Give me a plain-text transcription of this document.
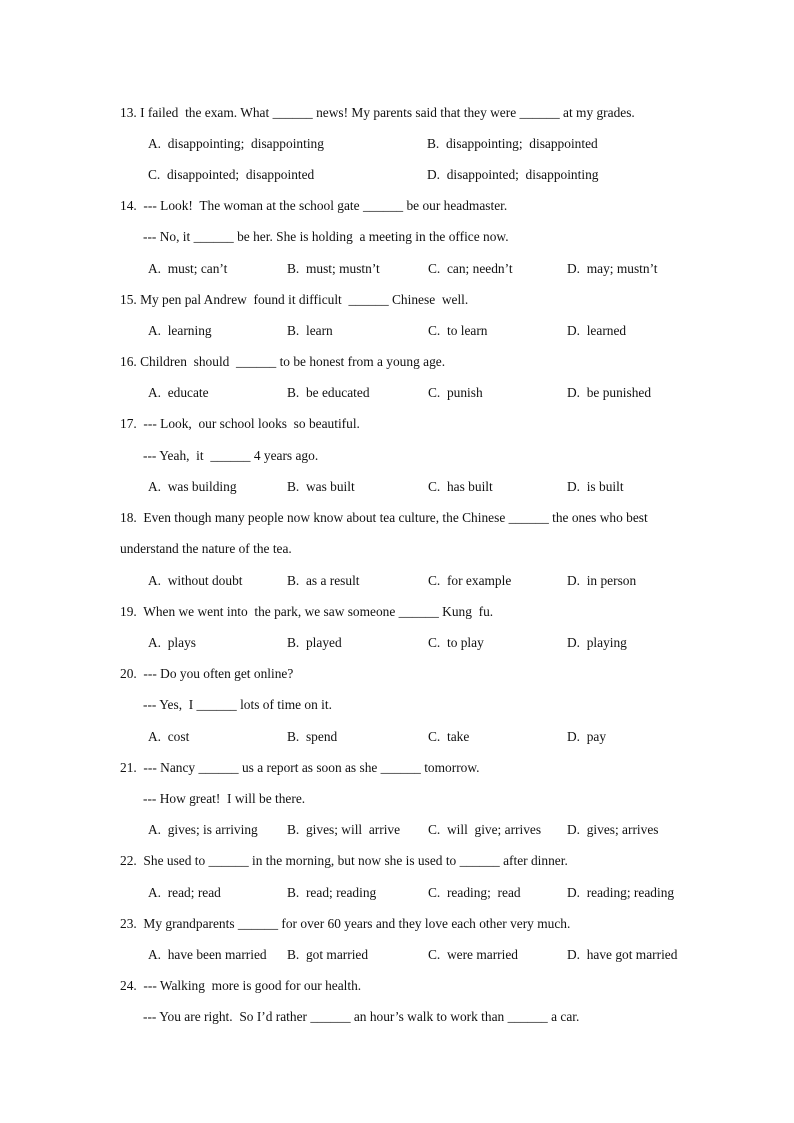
13. I failed  the exam. What ______ news! My parents said that they were ______ at my grades.
A.  disappointing;  disappointing	B.  disappointing;  disappointed
C.  disappointed;  disappointed	D.  disappointed;  disappointing
14.  --- Look!  The woman at the school gate ______ be our headmaster.
--- No, it ______ be her. She is holding  a meeting in the office now.
A.  must; can’t	B.  must; mustn’t	C.  can; needn’t	D.  may; mustn’t
15. My pen pal Andrew  found it difficult  ______ Chinese  well.
A.  learning	B.  learn	C.  to learn	D.  learned
16. Children  should  ______ to be honest from a young age.
A.  educate	B.  be educated	C.  punish	D.  be punished
17.  --- Look,  our school looks  so beautiful.
--- Yeah,  it  ______ 4 years ago.
A.  was building	B.  was built	C.  has built	D.  is built
18.  Even though many people now know about tea culture, the Chinese ______ the ones who best
understand the nature of the tea.
A.  without doubt	B.  as a result	C.  for example	D.  in person
19.  When we went into  the park, we saw someone ______ Kung  fu.
A.  plays	B.  played	C.  to play	D.  playing
20.  --- Do you often get online?
--- Yes,  I ______ lots of time on it.
A.  cost	B.  spend	C.  take	D.  pay
21.  --- Nancy ______ us a report as soon as she ______ tomorrow.
--- How great!  I will be there.
A.  gives; is arriving B.  gives; will  arrive C.  will  give; arrives D.  gives; arrives
22.  She used to ______ in the morning, but now she is used to ______ after dinner.
A.  read; read	B.  read; reading	C.  reading;  read	D.  reading; reading
23.  My grandparents ______ for over 60 years and they love each other very much.
A.  have been married B.  got married	C.  were married	D.  have got married
24.  --- Walking  more is good for our health.
--- You are right.  So I’d rather ______ an hour’s walk to work than ______ a car.
